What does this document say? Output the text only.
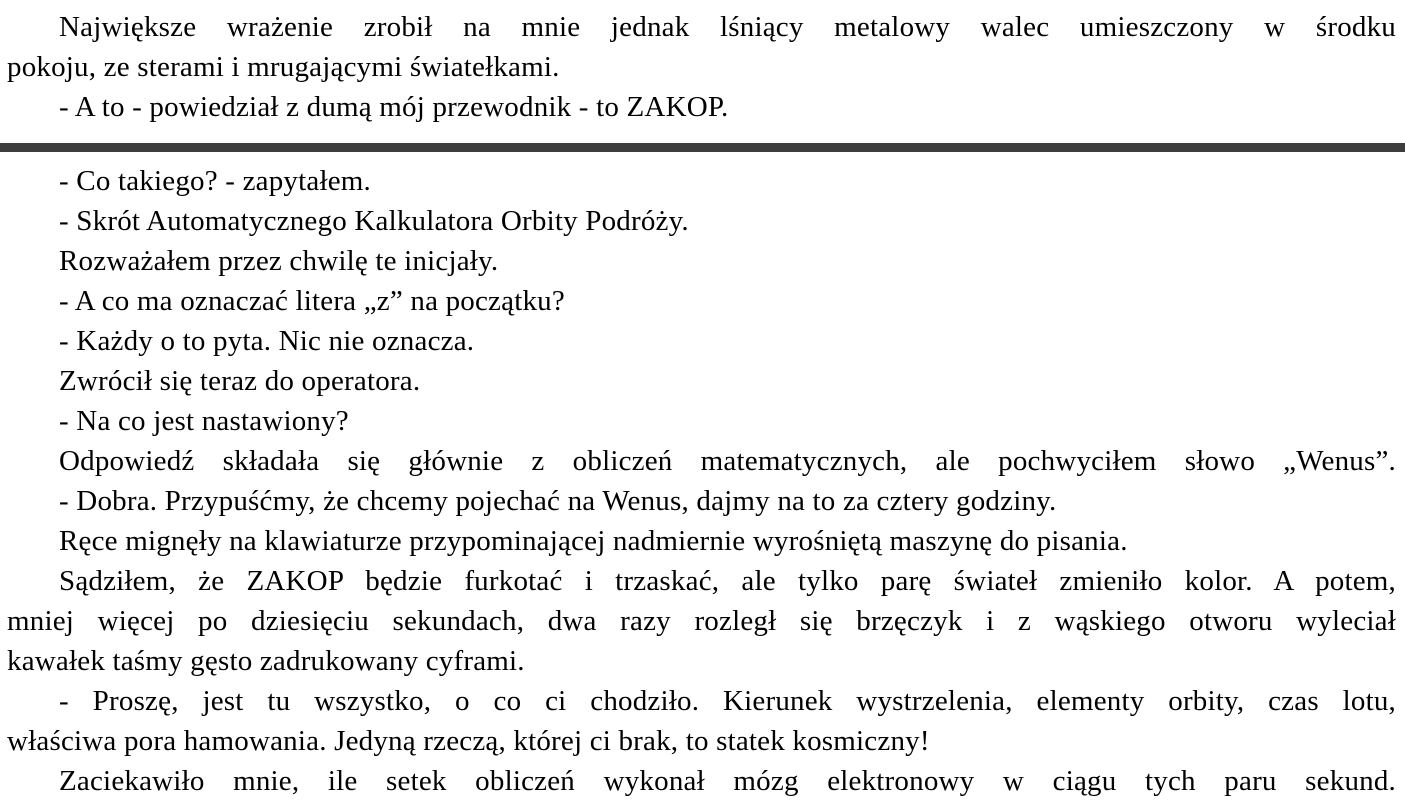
Największe wrażenie zrobił na mnie jednak lśniący metalowy walec umieszczony w środku
pokoju, ze sterami i mrugającymi światełkami.
- A to - powiedział z dumą mój przewodnik - to ZAKOP.
- Co takiego? - zapytałem.
- Skrót Automatycznego Kalkulatora Orbity Podróży.
Rozważałem przez chwilę te inicjały.
- A co ma oznaczać litera „z” na początku?
- Każdy o to pyta. Nic nie oznacza.
Zwrócił się teraz do operatora.
- Na co jest nastawiony?
Odpowiedź składała się głównie z obliczeń matematycznych, ale pochwyciłem słowo „Wenus”.
- Dobra. Przypuśćmy, że chcemy pojechać na Wenus, dajmy na to za cztery godziny.
Ręce mignęły na klawiaturze przypominającej nadmiernie wyrośniętą maszynę do pisania.
Sądziłem, że ZAKOP będzie furkotać i trzaskać, ale tylko parę świateł zmieniło kolor. A potem,
mniej więcej po dziesięciu sekundach, dwa razy rozległ się brzęczyk i z wąskiego otworu wyleciał
kawałek taśmy gęsto zadrukowany cyframi.
- Proszę, jest tu wszystko, o co ci chodziło. Kierunek wystrzelenia, elementy orbity, czas lotu,
właściwa pora hamowania. Jedyną rzeczą, której ci brak, to statek kosmiczny!
Zaciekawiło mnie, ile setek obliczeń wykonał mózg elektronowy w ciągu tych paru sekund.
